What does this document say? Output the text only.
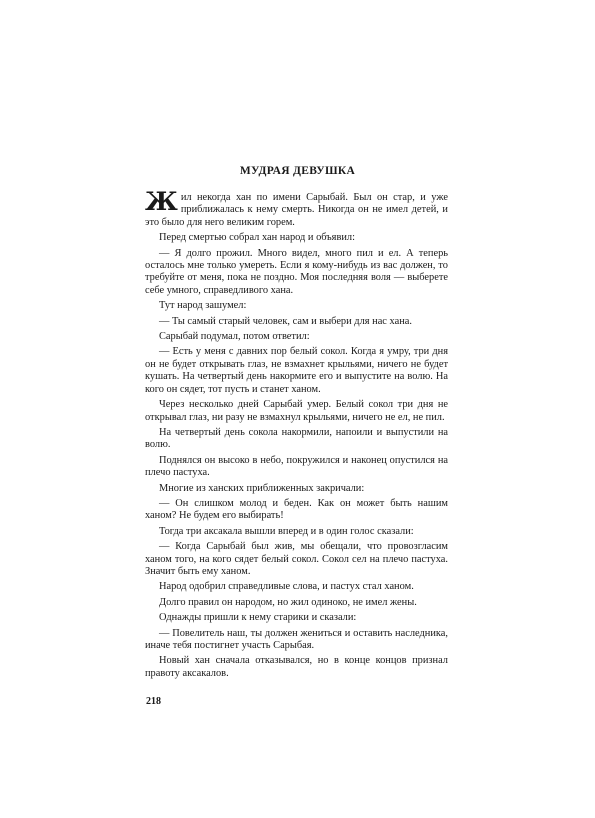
МУДРАЯ ДЕВУШКА

Жил некогда хан по имени Сарыбай. Был он стар, и уже приближалась к нему смерть. Никогда он не имел детей, и это было для него великим горем.

Перед смертью собрал хан народ и объявил:

— Я долго прожил. Много видел, много пил и ел. А теперь осталось мне только умереть. Если я кому-нибудь из вас должен, то требуйте от меня, пока не поздно. Моя последняя воля — выберете себе умного, справедливого хана.

Тут народ зашумел:

— Ты самый старый человек, сам и выбери для нас хана.

Сарыбай подумал, потом ответил:

— Есть у меня с давних пор белый сокол. Когда я умру, три дня он не будет открывать глаз, не взмахнет крыльями, ничего не будет кушать. На четвертый день накормите его и выпустите на волю. На кого он сядет, тот пусть и станет ханом.

Через несколько дней Сарыбай умер. Белый сокол три дня не открывал глаз, ни разу не взмахнул крыльями, ничего не ел, не пил.

На четвертый день сокола накормили, напоили и выпустили на волю.

Поднялся он высоко в небо, покружился и наконец опустился на плечо пастуха.

Многие из ханских приближенных закричали:

— Он слишком молод и беден. Как он может быть нашим ханом? Не будем его выбирать!

Тогда три аксакала вышли вперед и в один голос сказали:

— Когда Сарыбай был жив, мы обещали, что провозгласим ханом того, на кого сядет белый сокол. Сокол сел на плечо пастуха. Значит быть ему ханом.

Народ одобрил справедливые слова, и пастух стал ханом.

Долго правил он народом, но жил одиноко, не имел жены.

Однажды пришли к нему старики и сказали:

— Повелитель наш, ты должен жениться и оставить наследника, иначе тебя постигнет участь Сарыбая.

Новый хан сначала отказывался, но в конце концов признал правоту аксакалов.

218
